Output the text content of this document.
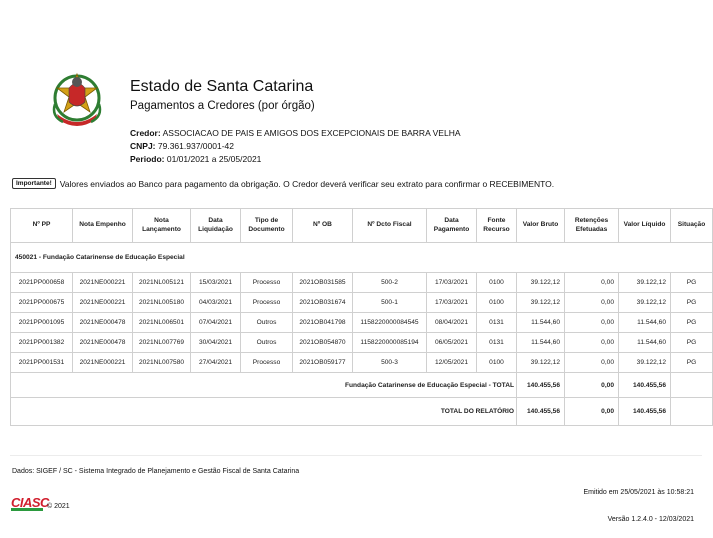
Estado de Santa Catarina
Pagamentos a Credores (por órgão)
Credor: ASSOCIACAO DE PAIS E AMIGOS DOS EXCEPCIONAIS DE BARRA VELHA
CNPJ: 79.361.937/0001-42
Periodo: 01/01/2021 a 25/05/2021
Importante! Valores enviados ao Banco para pagamento da obrigação. O Credor deverá verificar seu extrato para confirmar o RECEBIMENTO.
Nº PP	Nota Empenho	Nota Lançamento	Data Liquidação	Tipo de Documento	Nº OB	Nº Dcto Fiscal	Data Pagamento	Fonte Recurso	Valor Bruto	Retenções Efetuadas	Valor Líquido	Situação
450021 - Fundação Catarinense de Educação Especial												
2021PP000658	2021NE000221	2021NL005121	15/03/2021	Processo	2021OB031585	500-2	17/03/2021	0100	39.122,12	0,00	39.122,12	PG
2021PP000675	2021NE000221	2021NL005180	04/03/2021	Processo	2021OB031674	500-1	17/03/2021	0100	39.122,12	0,00	39.122,12	PG
2021PP001095	2021NE000478	2021NL006501	07/04/2021	Outros	2021OB041798	1158220000084545	08/04/2021	0131	11.544,60	0,00	11.544,60	PG
2021PP001382	2021NE000478	2021NL007769	30/04/2021	Outros	2021OB054870	1158220000085194	06/05/2021	0131	11.544,60	0,00	11.544,60	PG
2021PP001531	2021NE000221	2021NL007580	27/04/2021	Processo	2021OB059177	500-3	12/05/2021	0100	39.122,12	0,00	39.122,12	PG
Fundação Catarinense de Educação Especial - TOTAL									140.455,56	0,00	140.455,56	
TOTAL DO RELATÓRIO									140.455,56	0,00	140.455,56	
Dados: SIGEF / SC - Sistema Integrado de Planejamento e Gestão Fiscal de Santa Catarina
CIASC
© 2021
Emitido em 25/05/2021 às 10:58:21
Versão 1.2.4.0 - 12/03/2021
